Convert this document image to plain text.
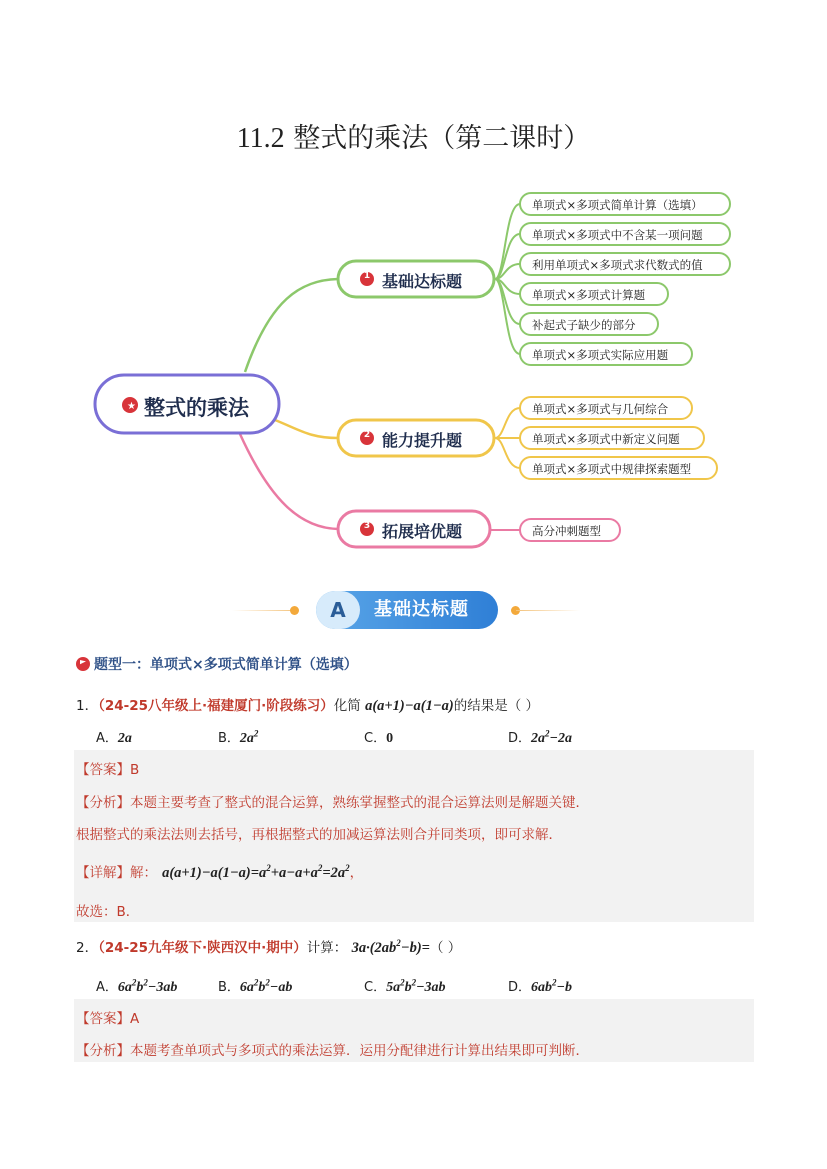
11.2 整式的乘法（第二课时）
★ 整式的乘法
1 基础达标题
2 能力提升题
3 拓展培优题
单项式×多项式简单计算（选填）
单项式×多项式中不含某一项问题
利用单项式×多项式求代数式的值
单项式×多项式计算题
补起式子缺少的部分
单项式×多项式实际应用题
单项式×多项式与几何综合
单项式×多项式中新定义问题
单项式×多项式中规律探索题型
高分冲刺题型
A	基础达标题
题型一：单项式×多项式简单计算（选填）
1．（24-25八年级上·福建厦门·阶段练习）化简 a(a+1)−a(1−a)的结果是（ ）
A．2a	B．$2a^2$	C．0	D．$2a^2-2a$
【答案】B
【分析】本题主要考查了整式的混合运算，熟练掌握整式的混合运算法则是解题关键．
根据整式的乘法法则去括号，再根据整式的加减运算法则合并同类项，即可求解．
【详解】解： $a(a+1)-a(1-a)=a^2+a-a+a^2=2a^2$，
故选：B．
2．（24-25九年级下·陕西汉中·期中）计算： $3a\cdot(2ab^2-b)=$（ ）
A．$6a^2b^2-3ab$	B．$6a^2b^2-ab$	C．$5a^2b^2-3ab$	D．$6ab^2-b$
【答案】A
【分析】本题考查单项式与多项式的乘法运算．运用分配律进行计算出结果即可判断．
